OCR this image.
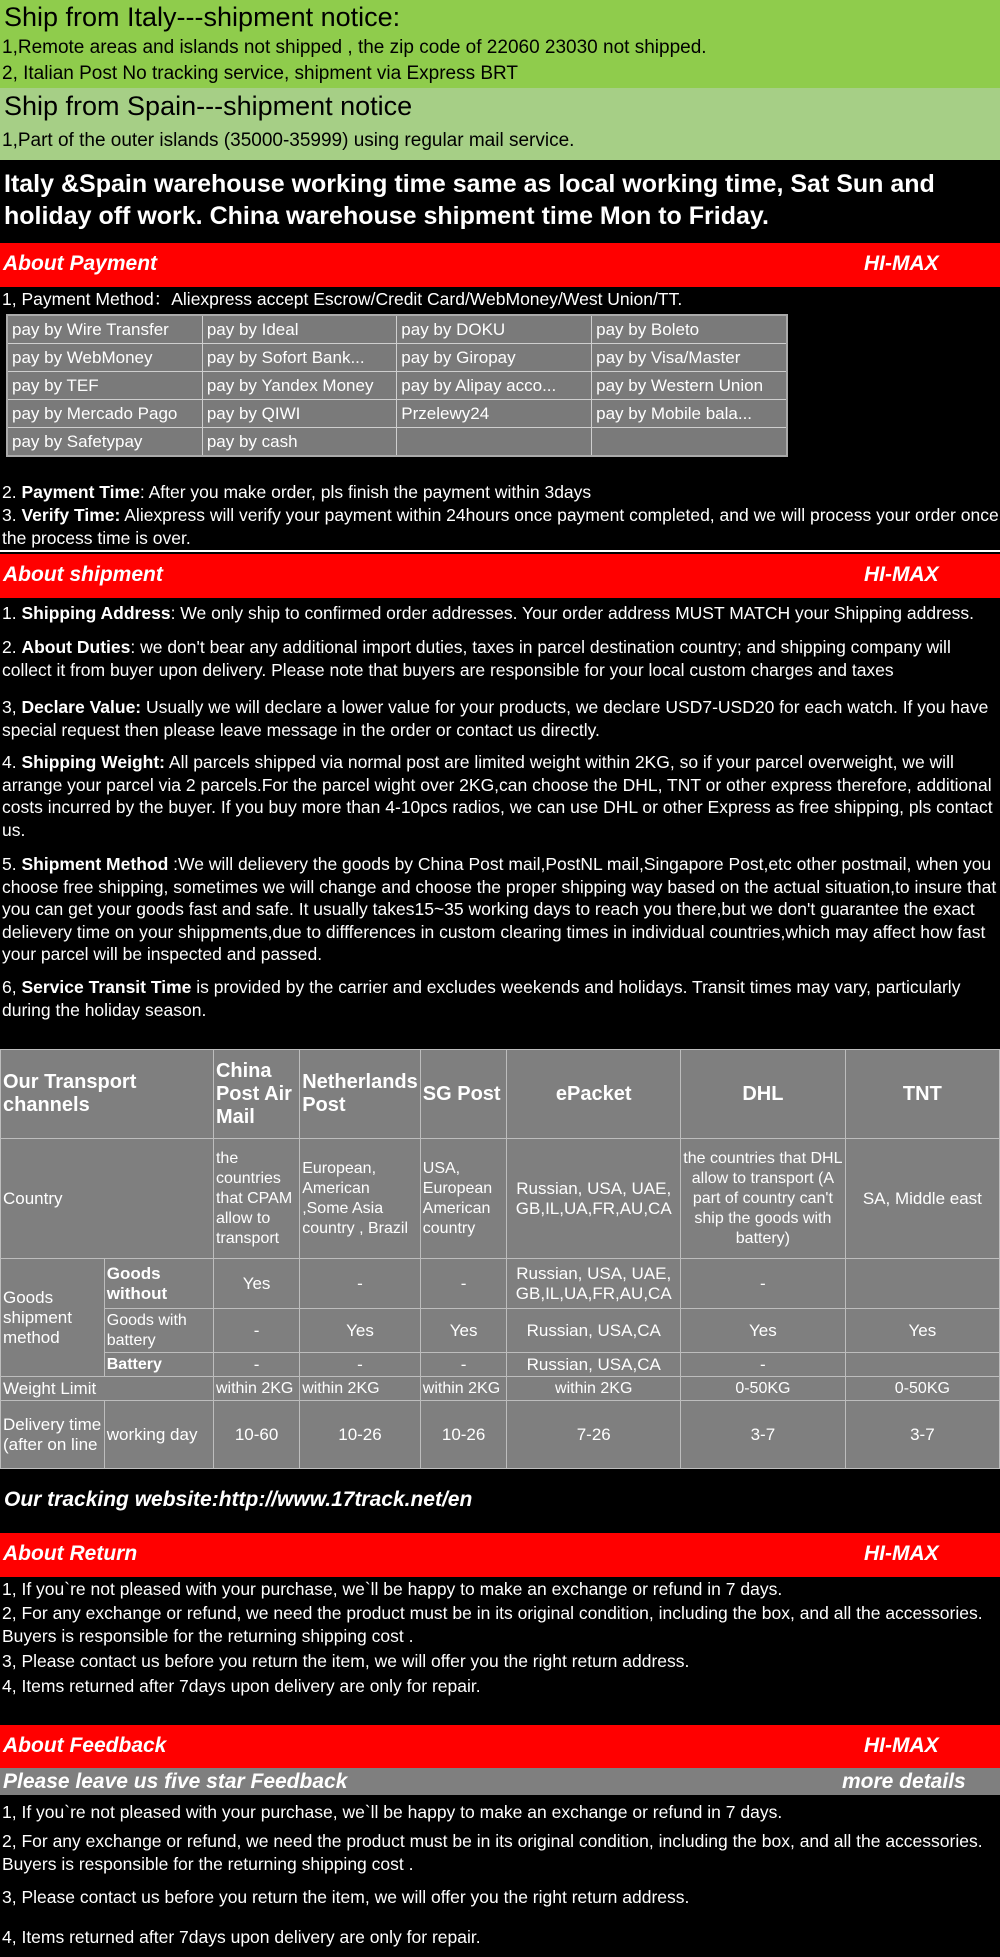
Ship from Italy---shipment notice:
1,Remote areas and islands not shipped , the zip code of 22060 23030 not shipped.
2, Italian Post No tracking service, shipment via Express BRT
Ship from Spain---shipment notice
1,Part of the outer islands (35000-35999) using regular mail service.
Italy &Spain warehouse working time same as local working time, Sat Sun and holiday off work. China warehouse shipment time Mon to Friday.
About Payment	HI-MAX
1, Payment Method：Aliexpress accept Escrow/Credit Card/WebMoney/West Union/TT.
pay by Wire Transfer	pay by Ideal	pay by DOKU	pay by Boleto
pay by WebMoney	pay by Sofort Bank...	pay by Giropay	pay by Visa/Master
pay by TEF	pay by Yandex Money	pay by Alipay acco...	pay by Western Union
pay by Mercado Pago	pay by QIWI	Przelewy24	pay by Mobile bala...
pay by Safetypay	pay by cash		
2. Payment Time: After you make order, pls finish the payment within 3days
3. Verify Time: Aliexpress will verify your payment within 24hours once payment completed, and we will process your order once the process time is over.
About shipment	HI-MAX
1. Shipping Address: We only ship to confirmed order addresses. Your order address MUST MATCH your Shipping address.
2. About Duties: we don't bear any additional import duties, taxes in parcel destination country; and shipping company will collect it from buyer upon delivery. Please note that buyers are responsible for your local custom charges and taxes
3, Declare Value: Usually we will declare a lower value for your products, we declare USD7-USD20 for each watch. If you have special request then please leave message in the order or contact us directly.
4. Shipping Weight: All parcels shipped via normal post are limited weight within 2KG, so if your parcel overweight, we will arrange your parcel via 2 parcels.For the parcel wight over 2KG,can choose the DHL, TNT or other express therefore, additional costs incurred by the buyer. If you buy more than 4-10pcs radios, we can use DHL or other Express as free shipping, pls contact us.
5. Shipment Method :We will delievery the goods by China Post mail,PostNL mail,Singapore Post,etc other postmail, when you choose free shipping, sometimes we will change and choose the proper shipping way based on the actual situation,to insure that you can get your goods fast and safe. It usually takes15~35 working days to reach you there,but we don't guarantee the exact delievery time on your shippments,due to diffferences in custom clearing times in individual countries,which may affect how fast your parcel will be inspected and passed.
6, Service Transit Time is provided by the carrier and excludes weekends and holidays. Transit times may vary, particularly during the holiday season.
Our Transport channels		China Post Air Mail	Netherlands Post	SG Post	ePacket	DHL	TNT
Country		the countries that CPAM allow to transport	European, American ,Some Asia country , Brazil	USA, European American country	Russian, USA, UAE, GB,IL,UA,FR,AU,CA	the countries that DHL allow to transport (A part of country can't ship the goods with battery)	SA, Middle east
Goods shipment method	Goods without	Yes	-	-	Russian, USA, UAE, GB,IL,UA,FR,AU,CA	-	
	Goods with battery	-	Yes	Yes	Russian, USA,CA	Yes	Yes
	Battery	-	-	-	Russian, USA,CA	-	
Weight Limit		within 2KG	within 2KG	within 2KG	within 2KG	0-50KG	0-50KG
Delivery time (after on line	working day	10-60	10-26	10-26	7-26	3-7	3-7
Our tracking website:http://www.17track.net/en
About Return	HI-MAX
1, If you`re not pleased with your purchase, we`ll be happy to make an exchange or refund in 7 days.
2, For any exchange or refund, we need the product must be in its original condition, including the box, and all the accessories. Buyers is responsible for the returning shipping cost .
3, Please contact us before you return the item, we will offer you the right return address.
4, Items returned after 7days upon delivery are only for repair.
About Feedback	HI-MAX
Please leave us five star Feedback	more details
1, If you`re not pleased with your purchase, we`ll be happy to make an exchange or refund in 7 days.
2, For any exchange or refund, we need the product must be in its original condition, including the box, and all the accessories. Buyers is responsible for the returning shipping cost .
3, Please contact us before you return the item, we will offer you the right return address.
4, Items returned after 7days upon delivery are only for repair.
